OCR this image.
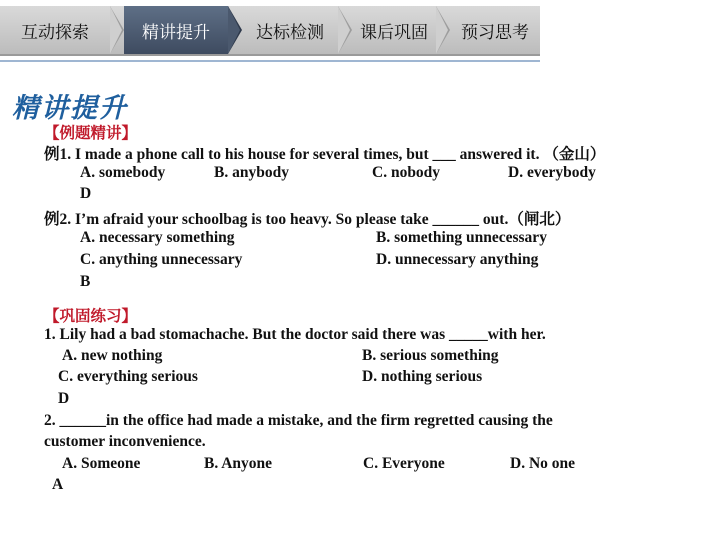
互动探索	精讲提升	达标检测 课后巩固 预习思考
精讲提升
【例题精讲】
例1. I made a phone call to his house for several times, but ___ answered it. （金山）
A. somebody	B. anybody	C. nobody	D. everybody
D
例2. I’m afraid your schoolbag is too heavy. So please take ______ out.（闸北）
A. necessary something	B. something unnecessary
C. anything unnecessary	D. unnecessary anything
B
【巩固练习】
1. Lily had a bad stomachache. But the doctor said there was _____with her.
A. new nothing	B. serious something
C. everything serious	D. nothing serious
D
2. ______in the office had made a mistake, and the firm regretted causing the
customer inconvenience.
A. Someone	B. Anyone	C. Everyone	D. No one
A
